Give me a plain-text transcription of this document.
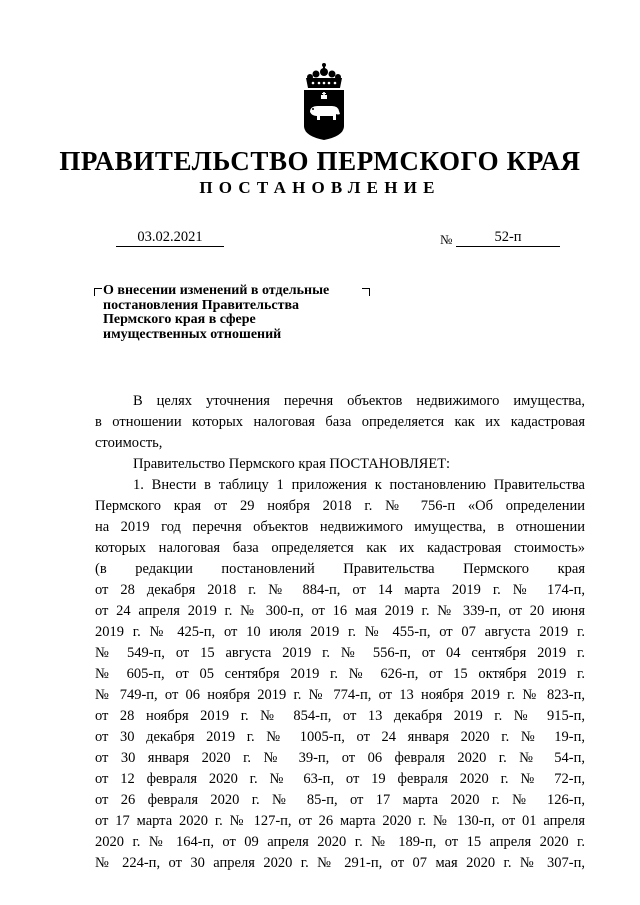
ПРАВИТЕЛЬСТВО ПЕРМСКОГО КРАЯ
ПОСТАНОВЛЕНИЕ
03.02.2021	№	52-п
О внесении изменений в отдельные
постановления Правительства
Пермского края в сфере
имущественных отношений
В целях уточнения перечня объектов недвижимого имущества,
в отношении которых налоговая база определяется как их кадастровая
стоимость,
Правительство Пермского края ПОСТАНОВЛЯЕТ:
1. Внести в таблицу 1 приложения к постановлению Правительства
Пермского края от 29 ноября 2018 г. № 756-п «Об определении
на 2019 год перечня объектов недвижимого имущества, в отношении
которых налоговая база определяется как их кадастровая стоимость»
(в редакции постановлений Правительства Пермского края
от 28 декабря 2018 г. № 884-п, от 14 марта 2019 г. № 174-п,
от 24 апреля 2019 г. № 300-п, от 16 мая 2019 г. № 339-п, от 20 июня
2019 г. № 425-п, от 10 июля 2019 г. № 455-п, от 07 августа 2019 г.
№ 549-п, от 15 августа 2019 г. № 556-п, от 04 сентября 2019 г.
№ 605-п, от 05 сентября 2019 г. № 626-п, от 15 октября 2019 г.
№ 749-п, от 06 ноября 2019 г. № 774-п, от 13 ноября 2019 г. № 823-п,
от 28 ноября 2019 г. № 854-п, от 13 декабря 2019 г. № 915-п,
от 30 декабря 2019 г. № 1005-п, от 24 января 2020 г. № 19-п,
от 30 января 2020 г. № 39-п, от 06 февраля 2020 г. № 54-п,
от 12 февраля 2020 г. № 63-п, от 19 февраля 2020 г. № 72-п,
от 26 февраля 2020 г. № 85-п, от 17 марта 2020 г. № 126-п,
от 17 марта 2020 г. № 127-п, от 26 марта 2020 г. № 130-п, от 01 апреля
2020 г. № 164-п, от 09 апреля 2020 г. № 189-п, от 15 апреля 2020 г.
№ 224-п, от 30 апреля 2020 г. № 291-п, от 07 мая 2020 г. № 307-п,
